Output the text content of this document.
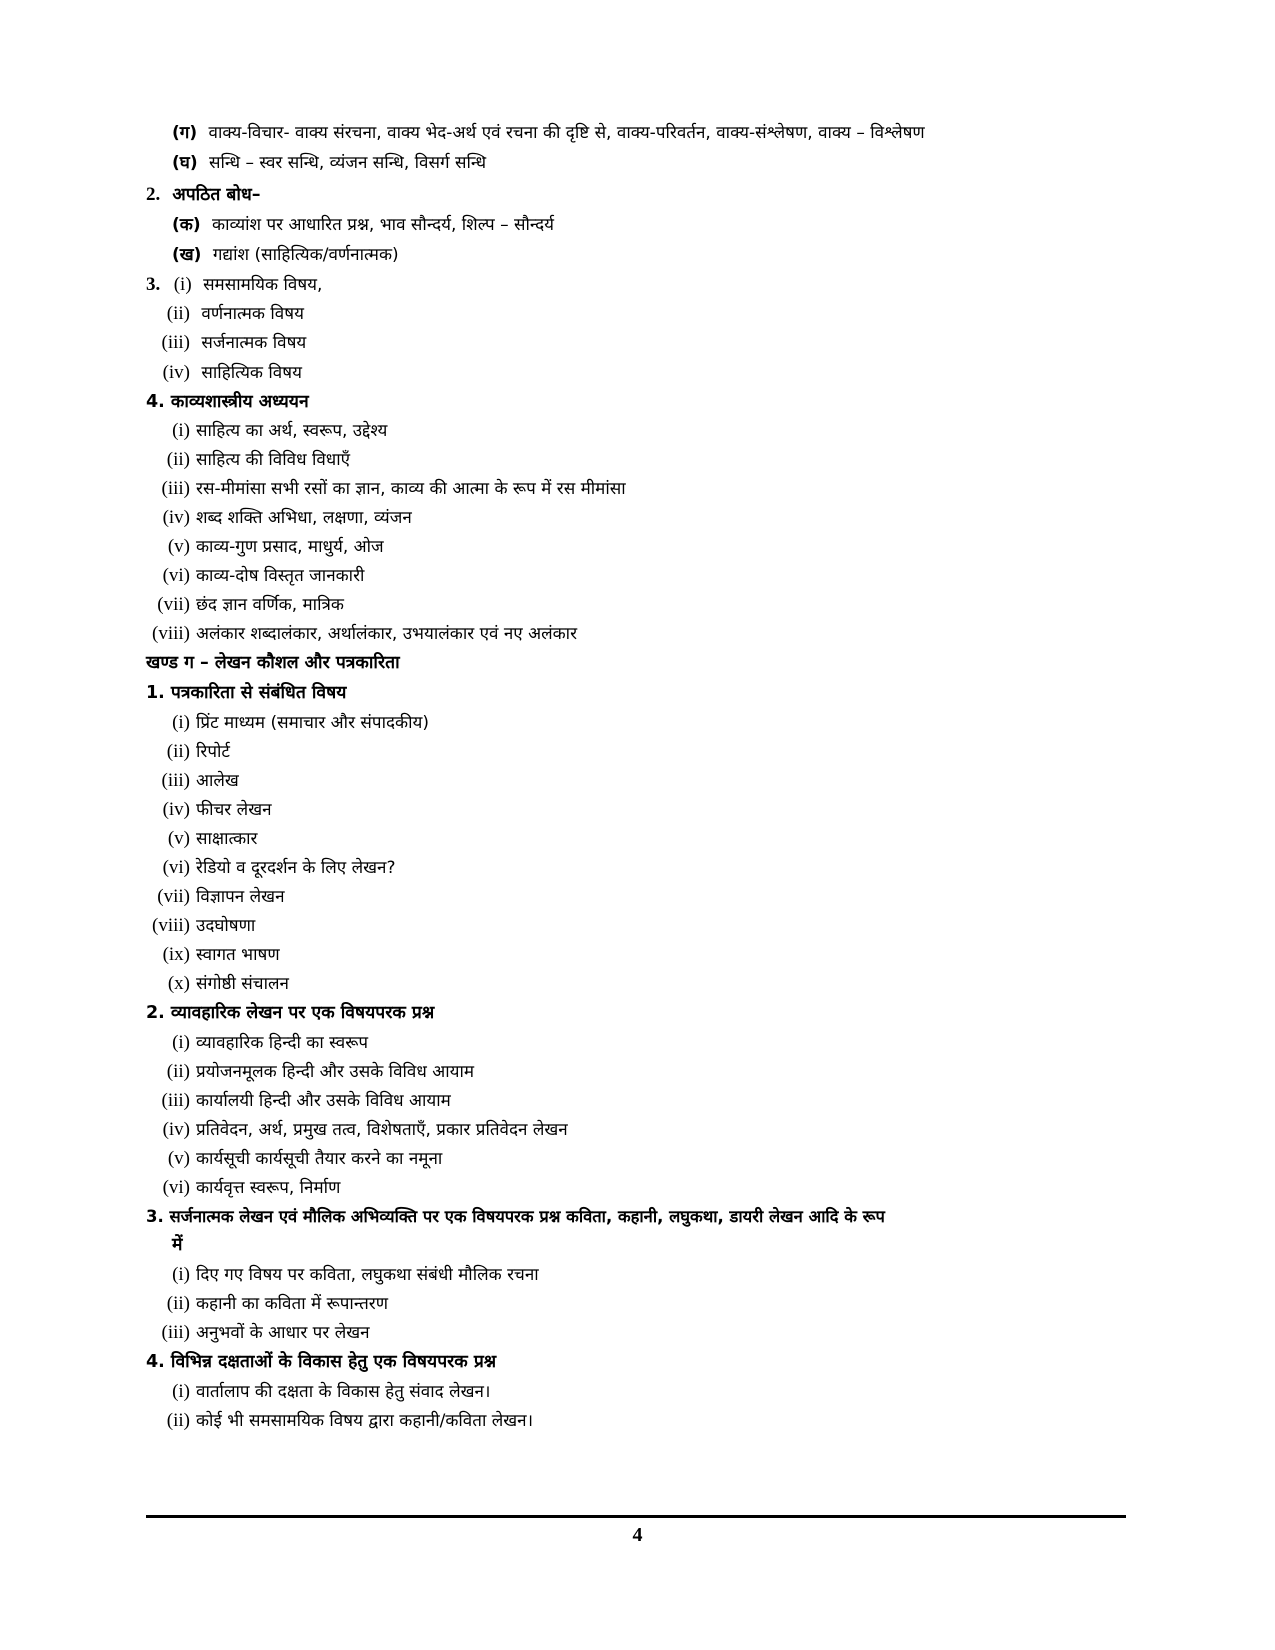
(ग) वाक्य-विचार- वाक्य संरचना, वाक्य भेद-अर्थ एवं रचना की दृष्टि से, वाक्य-परिवर्तन, वाक्य-संश्लेषण, वाक्य – विश्लेषण
(घ) सन्धि – स्वर सन्धि, व्यंजन सन्धि, विसर्ग सन्धि
2. अपठित बोध–
(क) काव्यांश पर आधारित प्रश्न, भाव सौन्दर्य, शिल्प – सौन्दर्य
(ख) गद्यांश (साहित्यिक/वर्णनात्मक)
3. (i) समसामयिक विषय,
(ii) वर्णनात्मक विषय
(iii) सर्जनात्मक विषय
(iv) साहित्यिक विषय
4. काव्यशास्त्रीय अध्ययन
(i) साहित्य का अर्थ, स्वरूप, उद्देश्य
(ii) साहित्य की विविध विधाएँ
(iii) रस-मीमांसा सभी रसों का ज्ञान, काव्य की आत्मा के रूप में रस मीमांसा
(iv) शब्द शक्ति अभिधा, लक्षणा, व्यंजन
(v) काव्य-गुण प्रसाद, माधुर्य, ओज
(vi) काव्य-दोष विस्तृत जानकारी
(vii) छंद ज्ञान वर्णिक, मात्रिक
(viii) अलंकार शब्दालंकार, अर्थालंकार, उभयालंकार एवं नए अलंकार
खण्ड ग – लेखन कौशल और पत्रकारिता
1. पत्रकारिता से संबंधित विषय
(i) प्रिंट माध्यम (समाचार और संपादकीय)
(ii) रिपोर्ट
(iii) आलेख
(iv) फीचर लेखन
(v) साक्षात्कार
(vi) रेडियो व दूरदर्शन के लिए लेखन?
(vii) विज्ञापन लेखन
(viii) उदघोषणा
(ix) स्वागत भाषण
(x) संगोष्ठी संचालन
2. व्यावहारिक लेखन पर एक विषयपरक प्रश्न
(i) व्यावहारिक हिन्दी का स्वरूप
(ii) प्रयोजनमूलक हिन्दी और उसके विविध आयाम
(iii) कार्यालयी हिन्दी और उसके विविध आयाम
(iv) प्रतिवेदन, अर्थ, प्रमुख तत्व, विशेषताएँ, प्रकार प्रतिवेदन लेखन
(v) कार्यसूची कार्यसूची तैयार करने का नमूना
(vi) कार्यवृत्त स्वरूप, निर्माण
3. सर्जनात्मक लेखन एवं मौलिक अभिव्यक्ति पर एक विषयपरक प्रश्न कविता, कहानी, लघुकथा, डायरी लेखन आदि के रूप
में
(i) दिए गए विषय पर कविता, लघुकथा संबंधी मौलिक रचना
(ii) कहानी का कविता में रूपान्तरण
(iii) अनुभवों के आधार पर लेखन
4. विभिन्न दक्षताओं के विकास हेतु एक विषयपरक प्रश्न
(i) वार्तालाप की दक्षता के विकास हेतु संवाद लेखन।
(ii) कोई भी समसामयिक विषय द्वारा कहानी/कविता लेखन।
4
